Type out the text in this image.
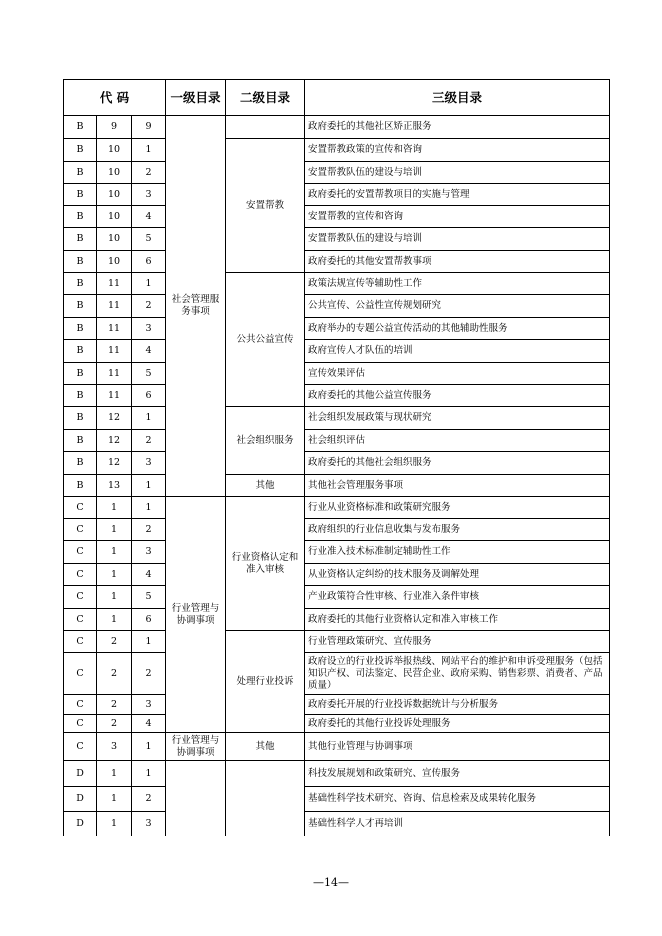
代 码			一级目录	二级目录	三级目录
B	9	9	社会管理服务事项		政府委托的其他社区矫正服务
B	10	1		安置帮教	安置帮教政策的宣传和咨询
B	10	2			安置帮教队伍的建设与培训
B	10	3			政府委托的安置帮教项目的实施与管理
B	10	4			安置帮教的宣传和咨询
B	10	5			安置帮教队伍的建设与培训
B	10	6			政府委托的其他安置帮教事项
B	11	1		公共公益宣传	政策法规宣传等辅助性工作
B	11	2			公共宣传、公益性宣传规划研究
B	11	3			政府举办的专题公益宣传活动的其他辅助性服务
B	11	4			政府宣传人才队伍的培训
B	11	5			宣传效果评估
B	11	6			政府委托的其他公益宣传服务
B	12	1		社会组织服务	社会组织发展政策与现状研究
B	12	2			社会组织评估
B	12	3			政府委托的其他社会组织服务
B	13	1		其他	其他社会管理服务事项
C	1	1	行业管理与协调事项	行业资格认定和准入审核	行业从业资格标准和政策研究服务
C	1	2			政府组织的行业信息收集与发布服务
C	1	3			行业准入技术标准制定辅助性工作
C	1	4			从业资格认定纠纷的技术服务及调解处理
C	1	5			产业政策符合性审核、行业准入条件审核
C	1	6			政府委托的其他行业资格认定和准入审核工作
C	2	1		处理行业投诉	行业管理政策研究、宣传服务
C	2	2			政府设立的行业投诉举报热线、网站平台的维护和申诉受理服务（包括知识产权、司法鉴定、民营企业、政府采购、销售彩票、消费者、产品质量）
C	2	3			政府委托开展的行业投诉数据统计与分析服务
C	2	4			政府委托的其他行业投诉处理服务
C	3	1	行业管理与协调事项	其他	其他行业管理与协调事项
D	1	1			科技发展规划和政策研究、宣传服务
D	1	2			基础性科学技术研究、咨询、信息检索及成果转化服务
D	1	3			基础性科学人才再培训
—14—
